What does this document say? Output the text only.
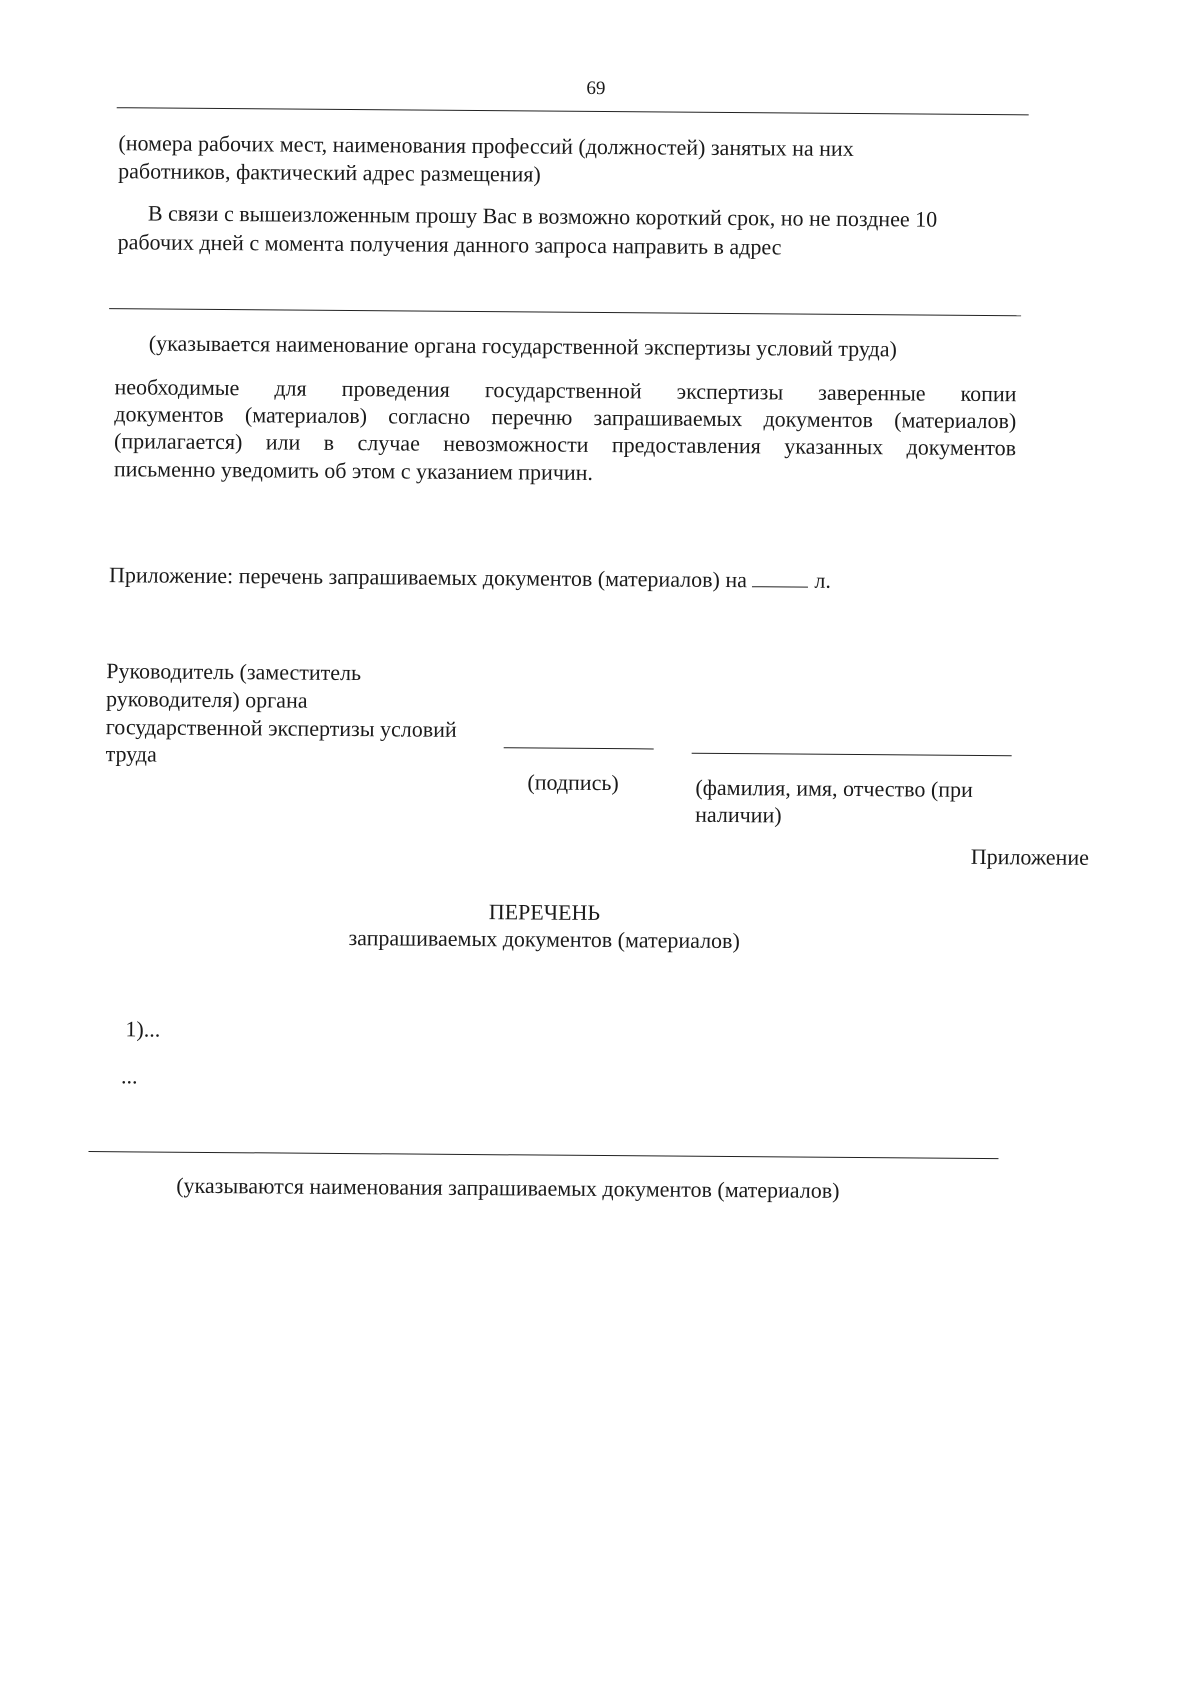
69
(номера рабочих мест, наименования профессий (должностей) занятых на них
работников, фактический адрес размещения)
В связи с вышеизложенным прошу Вас в возможно короткий срок, но не позднее 10
рабочих дней с момента получения данного запроса направить в адрес
(указывается наименование органа государственной экспертизы условий труда)
необходимые для проведения государственной экспертизы заверенные копии
документов (материалов) согласно перечню запрашиваемых документов (материалов)
(прилагается) или в случае невозможности предоставления указанных документов
письменно уведомить об этом с указанием причин.
Приложение: перечень запрашиваемых документов (материалов) на	л.
Руководитель (заместитель
руководителя) органа
государственной экспертизы условий
труда
(подпись)	(фамилия, имя, отчество (при
наличии)
Приложение
ПЕРЕЧЕНЬ
запрашиваемых документов (материалов)
1)...
...
(указываются наименования запрашиваемых документов (материалов)
